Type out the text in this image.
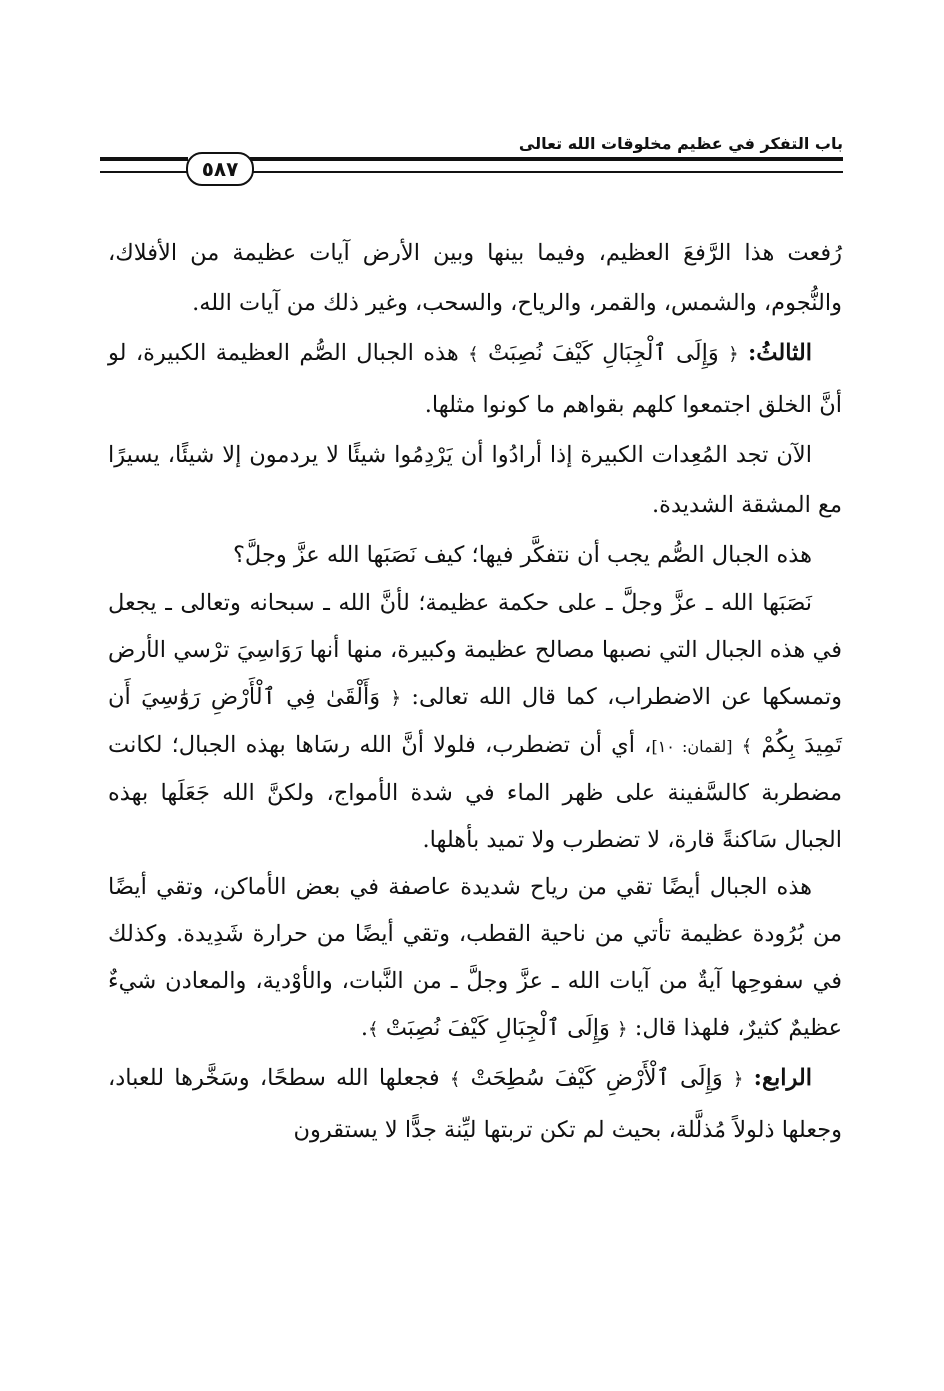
باب التفكر في عظيم مخلوقات الله تعالى
٥٨٧

رُفعت هذا الرَّفعَ العظيم، وفيما بينها وبين الأرض آيات عظيمة من الأفلاك، والنُّجوم، والشمس، والقمر، والرياح، والسحب، وغير ذلك من آيات الله.

الثالثُ: ﴿ وَإِلَى ٱلْجِبَالِ كَيْفَ نُصِبَتْ ﴾ هذه الجبال الصُّم العظيمة الكبيرة، لو أنَّ الخلق اجتمعوا كلهم بقواهم ما كونوا مثلها.

الآن تجد المُعِدات الكبيرة إذا أرادُوا أن يَرْدِمُوا شيئًا لا يردمون إلا شيئًا، يسيرًا مع المشقة الشديدة.

هذه الجبال الصُّم يجب أن نتفكَّر فيها؛ كيف نَصَبَها الله عزَّ وجلَّ؟

نَصَبَها الله ـ عزَّ وجلَّ ـ على حكمة عظيمة؛ لأنَّ الله ـ سبحانه وتعالى ـ يجعل في هذه الجبال التي نصبها مصالح عظيمة وكبيرة، منها أنها رَوَاسِيَ ترْسي الأرض وتمسكها عن الاضطراب، كما قال الله تعالى: ﴿ وَأَلْقَىٰ فِي ٱلْأَرْضِ رَوَٰسِيَ أَن تَمِيدَ بِكُمْ ﴾ [لقمان: ١٠]، أي أن تضطرب، فلولا أنَّ الله رسَاها بهذه الجبال؛ لكانت مضطربة كالسَّفينة على ظهر الماء في شدة الأمواج، ولكنَّ الله جَعَلَها بهذه الجبال سَاكنةً قارة، لا تضطرب ولا تميد بأهلها.

هذه الجبال أيضًا تقي من رياح شديدة عاصفة في بعض الأماكن، وتقي أيضًا من بُرُودة عظيمة تأتي من ناحية القطب، وتقي أيضًا من حرارة شَدِيدة. وكذلك في سفوحِها آيةٌ من آيات الله ـ عزَّ وجلَّ ـ من النَّبات، والأوْدية، والمعادن شيءٌ عظيمٌ كثيرٌ، فلهذا قال: ﴿ وَإِلَى ٱلْجِبَالِ كَيْفَ نُصِبَتْ ﴾.

الرابع: ﴿ وَإِلَى ٱلْأَرْضِ كَيْفَ سُطِحَتْ ﴾ فجعلها الله سطحًا، وسَخَّرها للعباد، وجعلها ذلولاً مُذلَّلة، بحيث لم تكن تربتها ليِّنة جدًّا لا يستقرون
